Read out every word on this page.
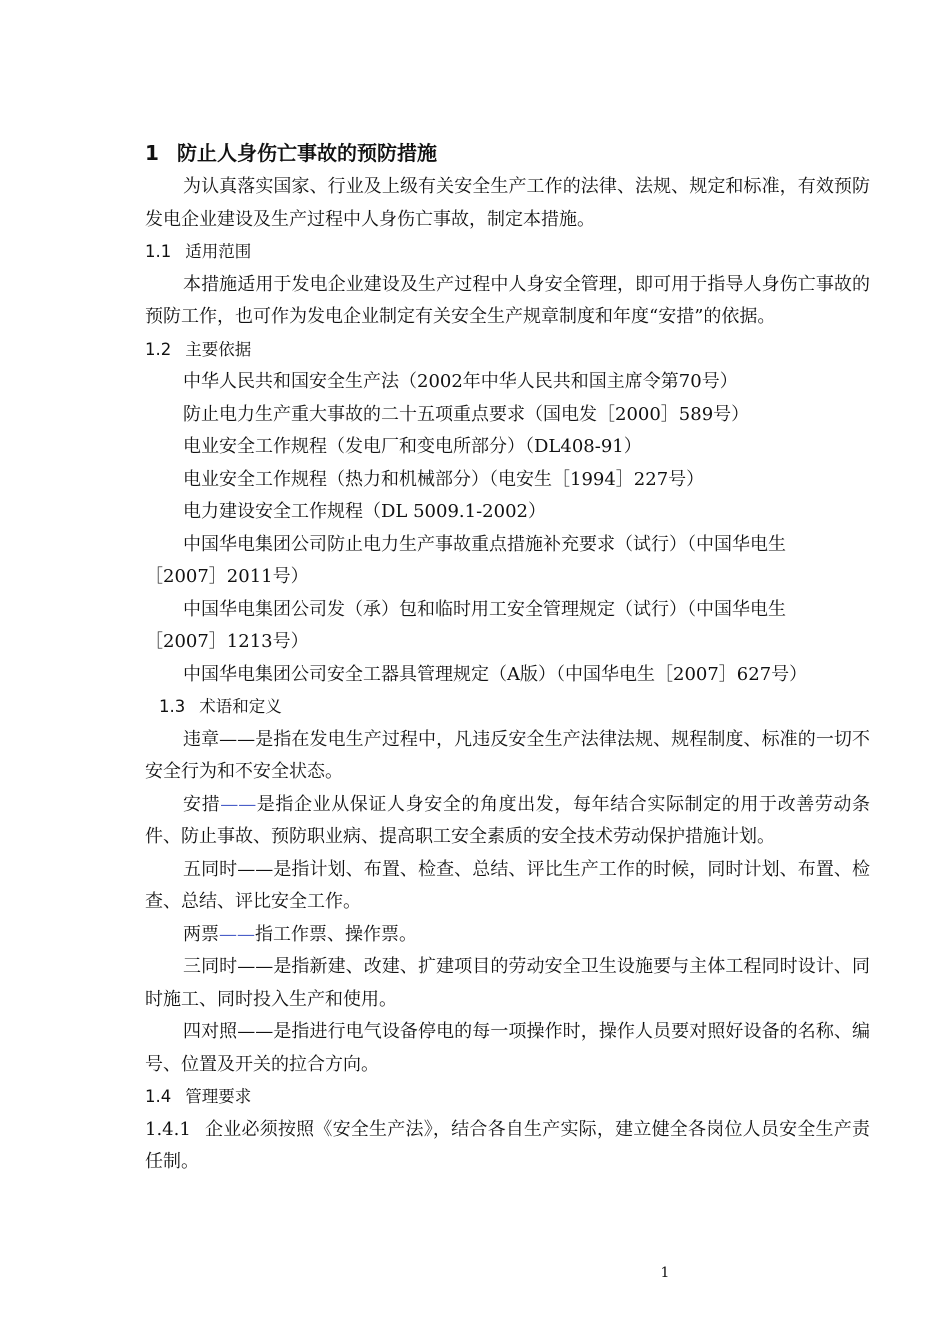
1 防止人身伤亡事故的预防措施

为认真落实国家、行业及上级有关安全生产工作的法律、法规、规定和标准，有效预防发电企业建设及生产过程中人身伤亡事故，制定本措施。

1.1 适用范围

本措施适用于发电企业建设及生产过程中人身安全管理，即可用于指导人身伤亡事故的预防工作，也可作为发电企业制定有关安全生产规章制度和年度“安措”的依据。

1.2 主要依据

中华人民共和国安全生产法（2002年中华人民共和国主席令第70号）

防止电力生产重大事故的二十五项重点要求（国电发［2000］589号）

电业安全工作规程（发电厂和变电所部分）（DL408-91）

电业安全工作规程（热力和机械部分）（电安生［1994］227号）

电力建设安全工作规程（DL 5009.1-2002）

中国华电集团公司防止电力生产事故重点措施补充要求（试行）（中国华电生
［2007］2011号）

中国华电集团公司发（承）包和临时用工安全管理规定（试行）（中国华电生
［2007］1213号）

中国华电集团公司安全工器具管理规定（A版）（中国华电生［2007］627号）

1.3 术语和定义

违章——是指在发电生产过程中，凡违反安全生产法律法规、规程制度、标准的一切不安全行为和不安全状态。

安措——是指企业从保证人身安全的角度出发，每年结合实际制定的用于改善劳动条件、防止事故、预防职业病、提高职工安全素质的安全技术劳动保护措施计划。

五同时——是指计划、布置、检查、总结、评比生产工作的时候，同时计划、布置、检查、总结、评比安全工作。

两票——指工作票、操作票。

三同时——是指新建、改建、扩建项目的劳动安全卫生设施要与主体工程同时设计、同时施工、同时投入生产和使用。

四对照——是指进行电气设备停电的每一项操作时，操作人员要对照好设备的名称、编号、位置及开关的拉合方向。

1.4 管理要求

1.4.1 企业必须按照《安全生产法》，结合各自生产实际，建立健全各岗位人员安全生产责任制。

1
